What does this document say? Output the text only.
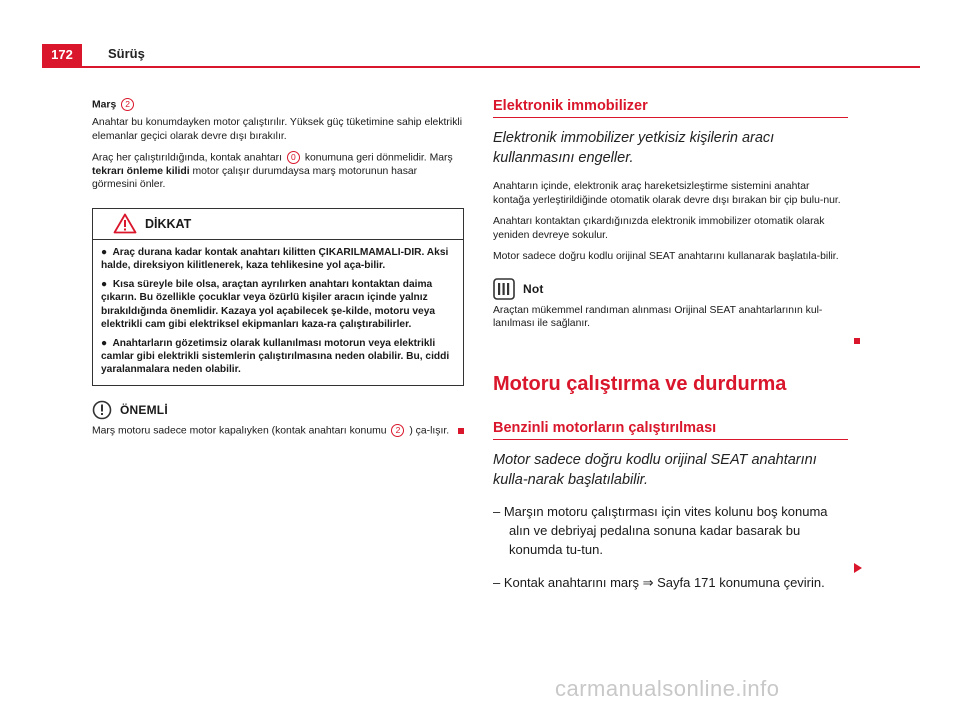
172	Sürüş
Marş 2

Anahtar bu konumdayken motor çalıştırılır. Yüksek güç tüketimine sahip elektrikli elemanlar geçici olarak devre dışı bırakılır.

Araç her çalıştırıldığında, kontak anahtarı 0 konumuna geri dönmelidir. Marş tekrarı önleme kilidi motor çalışır durumdaysa marş motorunun hasar görmesini önler.

DİKKAT

●  Araç durana kadar kontak anahtarı kilitten ÇIKARILMAMALI-DIR. Aksi halde, direksiyon kilitlenerek, kaza tehlikesine yol aça-bilir.

●  Kısa süreyle bile olsa, araçtan ayrılırken anahtarı kontaktan daima çıkarın. Bu özellikle çocuklar veya özürlü kişiler aracın içinde yalnız bırakıldığında önemlidir. Kazaya yol açabilecek şe-kilde, motoru veya elektrikli cam gibi elektriksel ekipmanları kaza-ra çalıştırabilirler.

●  Anahtarların gözetimsiz olarak kullanılması motorun veya elektrikli camlar gibi elektrikli sistemlerin çalıştırılmasına neden olabilir. Bu, ciddi yaralanmalara neden olabilir.

ÖNEMLİ

Marş motoru sadece motor kapalıyken (kontak anahtarı konumu 2 ) ça-lışır.

Elektronik immobilizer
Elektronik immobilizer yetkisiz kişilerin aracı kullanmasını engeller.

Anahtarın içinde, elektronik araç hareketsizleştirme sistemini anahtar kontağa yerleştirildiğinde otomatik olarak devre dışı bırakan bir çip bulu-nur.

Anahtarı kontaktan çıkardığınızda elektronik immobilizer otomatik olarak yeniden devreye sokulur.

Motor sadece doğru kodlu orijinal SEAT anahtarını kullanarak başlatıla-bilir.

Not

Araçtan mükemmel randıman alınması Orijinal SEAT anahtarlarının kul-lanılması ile sağlanır.

Motoru çalıştırma ve durdurma
Benzinli motorların çalıştırılması
Motor sadece doğru kodlu orijinal SEAT anahtarını kulla-narak başlatılabilir.

– Marşın motoru çalıştırması için vites kolunu boş konuma alın ve debriyaj pedalına sonuna kadar basarak bu konumda tu-tun.

– Kontak anahtarını marş ⇒ Sayfa 171 konumuna çevirin.

carmanualsonline.info
